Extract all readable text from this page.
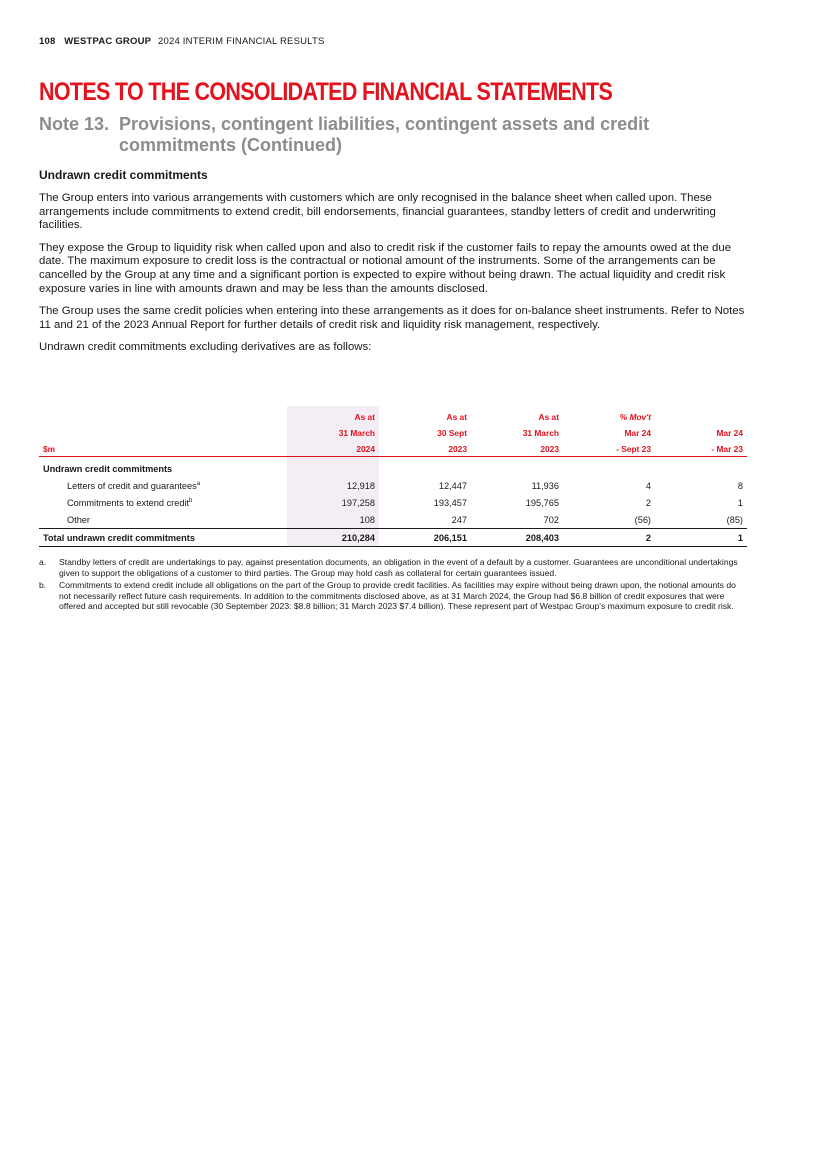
108 WESTPAC GROUP 2024 INTERIM FINANCIAL RESULTS
NOTES TO THE CONSOLIDATED FINANCIAL STATEMENTS
Note 13. Provisions, contingent liabilities, contingent assets and credit
commitments (Continued)
Undrawn credit commitments

The Group enters into various arrangements with customers which are only recognised in the balance sheet when called upon. These arrangements include commitments to extend credit, bill endorsements, financial guarantees, standby letters of credit and underwriting facilities.

They expose the Group to liquidity risk when called upon and also to credit risk if the customer fails to repay the amounts owed at the due date. The maximum exposure to credit loss is the contractual or notional amount of the instruments. Some of the arrangements can be cancelled by the Group at any time and a significant portion is expected to expire without being drawn. The actual liquidity and credit risk exposure varies in line with amounts drawn and may be less than the amounts disclosed.

The Group uses the same credit policies when entering into these arrangements as it does for on-balance sheet instruments. Refer to Notes 11 and 21 of the 2023 Annual Report for further details of credit risk and liquidity risk management, respectively.

Undrawn credit commitments excluding derivatives are as follows:

	As at	As at	As at	% Mov't	
	31 March	30 Sept	31 March	Mar 24	Mar 24
$m	2024	2023	2023	- Sept 23	- Mar 23
Undrawn credit commitments					
Letters of credit and guarantees$^a$	12,918	12,447	11,936	4	8
Commitments to extend credit$^b$	197,258	193,457	195,765	2	1
Other	108	247	702	(56)	(85)
Total undrawn credit commitments	210,284	206,151	208,403	2	1
a.	Standby letters of credit are undertakings to pay, against presentation documents, an obligation in the event of a default by a customer. Guarantees are unconditional undertakings given to support the obligations of a customer to third parties. The Group may hold cash as collateral for certain guarantees issued.
b.	Commitments to extend credit include all obligations on the part of the Group to provide credit facilities. As facilities may expire without being drawn upon, the notional amounts do not necessarily reflect future cash requirements. In addition to the commitments disclosed above, as at 31 March 2024, the Group had $6.8 billion of credit exposures that were offered and accepted but still revocable (30 September 2023: $8.8 billion; 31 March 2023 $7.4 billion). These represent part of Westpac Group's maximum exposure to credit risk.
